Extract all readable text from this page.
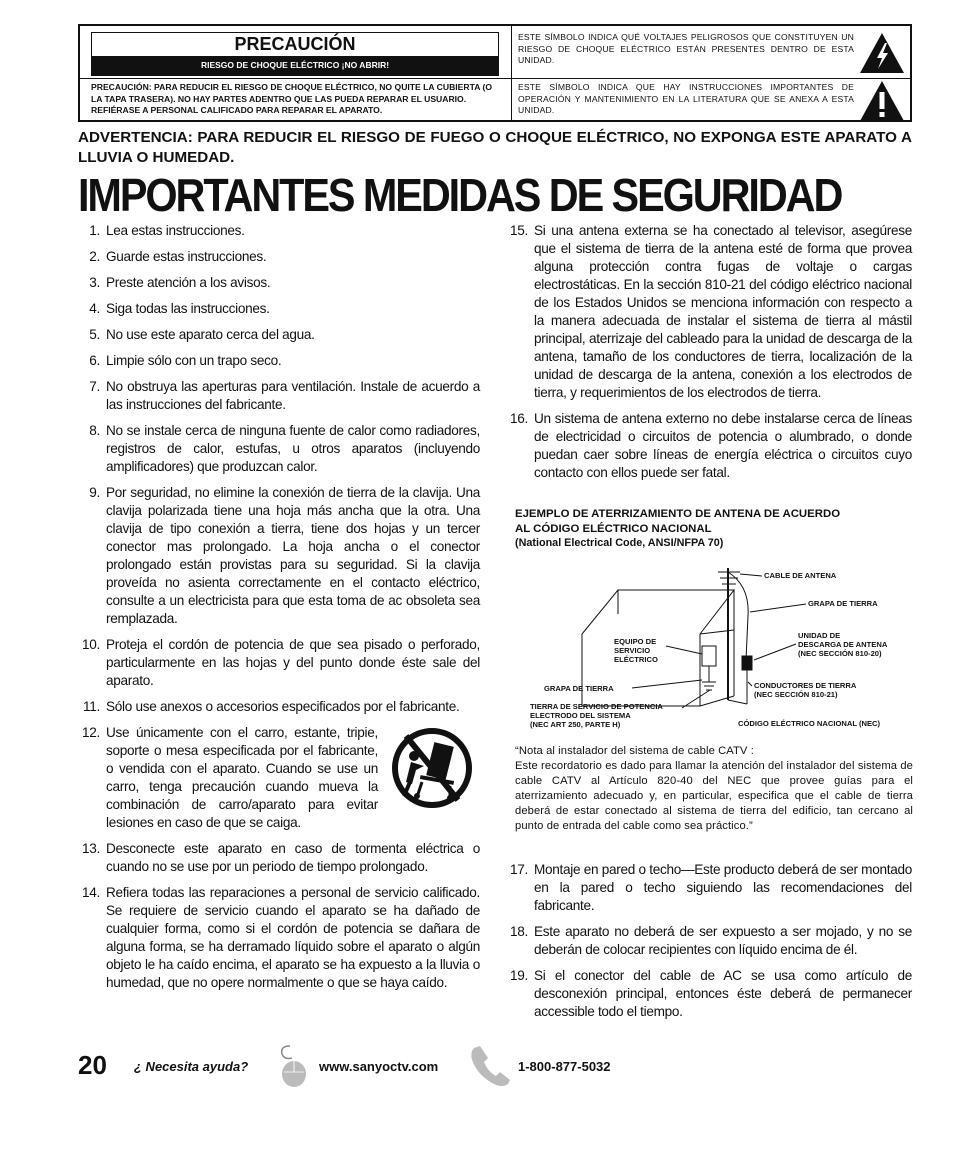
PRECAUCIÓN
RIESGO DE CHOQUE ELÉCTRICO ¡NO ABRIR!
PRECAUCIÓN: PARA REDUCIR EL RIESGO DE CHOQUE ELÉCTRICO, NO QUITE LA CUBIERTA (O LA TAPA TRASERA). NO HAY PARTES ADENTRO QUE LAS PUEDA REPARAR EL USUARIO. REFIÉRASE A PERSONAL CALIFICADO PARA REPARAR EL APARATO.
ESTE SÍMBOLO INDICA QUÉ VOLTAJES PELIGROSOS QUE CONSTITUYEN UN RIESGO DE CHOQUE ELÉCTRICO ESTÁN PRESENTES DENTRO DE ESTA UNIDAD.
ESTE SÍMBOLO INDICA QUE HAY INSTRUCCIONES IMPORTANTES DE OPERACIÓN Y MANTENIMIENTO EN LA LITERATURA QUE SE ANEXA A ESTA UNIDAD.
ADVERTENCIA: PARA REDUCIR EL RIESGO DE FUEGO O CHOQUE ELÉCTRICO, NO EXPONGA ESTE APARATO A LLUVIA O HUMEDAD.
IMPORTANTES MEDIDAS DE SEGURIDAD
1. Lea estas instrucciones.
2. Guarde estas instrucciones.
3. Preste atención a los avisos.
4. Siga todas las instrucciones.
5. No use este aparato cerca del agua.
6. Limpie sólo con un trapo seco.
7. No obstruya las aperturas para ventilación. Instale de acuerdo a las instrucciones del fabricante.
8. No se instale cerca de ninguna fuente de calor como radiadores, registros de calor, estufas, u otros aparatos (incluyendo amplificadores) que produzcan calor.
9. Por seguridad, no elimine la conexión de tierra de la clavija. Una clavija polarizada tiene una hoja más ancha que la otra. Una clavija de tipo conexión a tierra, tiene dos hojas y un tercer conector mas prolongado. La hoja ancha o el conector prolongado están provistas para su seguridad. Si la clavija proveída no asienta correctamente en el contacto eléctrico, consulte a un electricista para que esta toma de ac obsoleta sea remplazada.
10. Proteja el cordón de potencia de que sea pisado o perforado, particularmente en las hojas y del punto donde éste sale del aparato.
11. Sólo use anexos o accesorios especificados por el fabricante.
12. Use únicamente con el carro, estante, tripie, soporte o mesa especificada por el fabricante, o vendida con el aparato. Cuando se use un carro, tenga precaución cuando mueva la combinación de carro/aparato para evitar lesiones en caso de que se caiga.
13. Desconecte este aparato en caso de tormenta eléctrica o cuando no se use por un periodo de tiempo prolongado.
14. Refiera todas las reparaciones a personal de servicio calificado. Se requiere de servicio cuando el aparato se ha dañado de cualquier forma, como si el cordón de potencia se dañara de alguna forma, se ha derramado líquido sobre el aparato o algún objeto le ha caído encima, el aparato se ha expuesto a la lluvia o humedad, que no opere normalmente o que se haya caído.
15. Si una antena externa se ha conectado al televisor, asegúrese que el sistema de tierra de la antena esté de forma que provea alguna protección contra fugas de voltaje o cargas electrostáticas. En la sección 810-21 del código eléctrico nacional de los Estados Unidos se menciona información con respecto a la manera adecuada de instalar el sistema de tierra al mástil principal, aterrizaje del cableado para la unidad de descarga de la antena, tamaño de los conductores de tierra, localización de la unidad de descarga de la antena, conexión a los electrodos de tierra, y requerimientos de los electrodos de tierra.
16. Un sistema de antena externo no debe instalarse cerca de líneas de electricidad o circuitos de potencia o alumbrado, o donde puedan caer sobre líneas de energía eléctrica o circuitos cuyo contacto con ellos puede ser fatal.
EJEMPLO DE ATERRIZAMIENTO DE ANTENA DE ACUERDO
AL CÓDIGO ELÉCTRICO NACIONAL
(National Electrical Code, ANSI/NFPA 70)
CABLE DE ANTENA
GRAPA DE TIERRA
UNIDAD DE
DESCARGA DE ANTENA
(NEC SECCIÓN 810-20)
EQUIPO DE
SERVICIO
ELÉCTRICO
CONDUCTORES DE TIERRA
(NEC SECCIÓN 810-21)
GRAPA DE TIERRA
TIERRA DE SERVICIO DE POTENCIA
ELECTRODO DEL SISTEMA
(NEC ART 250, PARTE H)	CÓDIGO ELÉCTRICO NACIONAL (NEC)
“Nota al instalador del sistema de cable CATV :
Este recordatorio es dado para llamar la atención del instalador del sistema de cable CATV al Artículo 820-40 del NEC que provee guías para el aterrizamiento adecuado y, en particular, especifica que el cable de tierra deberá de estar conectado al sistema de tierra del edificio, tan cercano al punto de entrada del cable como sea práctico.”
17. Montaje en pared o techo—Este producto deberá de ser montado en la pared o techo siguiendo las recomendaciones del fabricante.
18. Este aparato no deberá de ser expuesto a ser mojado, y no se deberán de colocar recipientes con líquido encima de él.
19. Si el conector del cable de AC se usa como artículo de desconexión principal, entonces éste deberá de permanecer accessible todo el tiempo.
20 ¿ Necesita ayuda?	www.sanyoctv.com	1-800-877-5032
